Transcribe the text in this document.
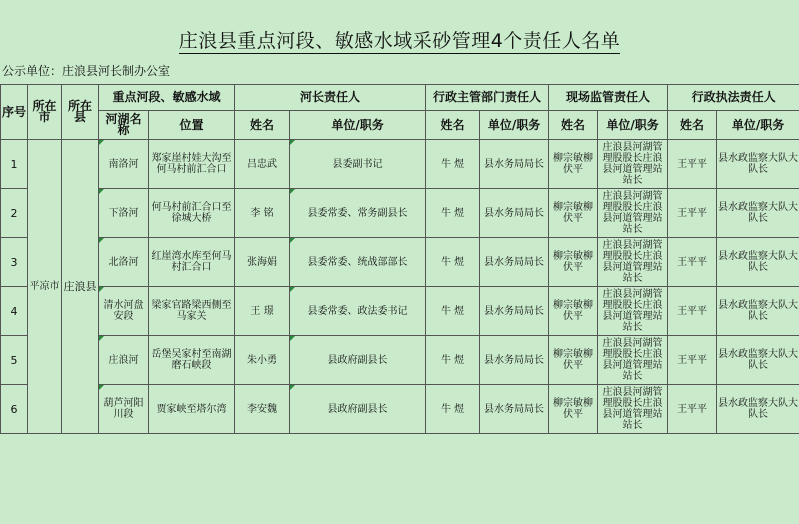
庄浪县重点河段、敏感水域采砂管理4个责任人名单
公示单位：庄浪县河长制办公室
序号	所在市	所在县	重点河段、敏感水域		河长责任人		行政主管部门责任人		现场监管责任人		行政执法责任人	
			河湖名称	位置	姓名	单位/职务	姓名	单位/职务	姓名	单位/职务	姓名	单位/职务
1	平凉市	庄浪县	南洛河	郑家崖村娃大沟至何马村前汇合口	吕忠武	县委副书记	牛 煜	县水务局局长	柳宗敏柳伏平	庄浪县河湖管理股股长庄浪县河道管理站站长	王平平	县水政监察大队大队长
2			下洛河	何马村前汇合口至徐城大桥	李 铭	县委常委、常务副县长	牛 煜	县水务局局长	柳宗敏柳伏平	庄浪县河湖管理股股长庄浪县河道管理站站长	王平平	县水政监察大队大队长
3			北洛河	红崖湾水库至何马村汇合口	张海娟	县委常委、统战部部长	牛 煜	县水务局局长	柳宗敏柳伏平	庄浪县河湖管 理股股长庄浪县河道管理站站长	王平平	县水政监察大队大队长
4			清水河盘安段	梁家官路梁西侧至马家关	王 璟	县委常委、政法委书记	牛 煜	县水务局局长	柳宗敏柳伏平	庄浪县河湖管理股股长庄浪县河道管理站站长	王平平	县水政监察大队大队长
5			庄浪河	岳堡吴家村至南湖磨石峡段	朱小勇	县政府副县长	牛 煜	县水务局局长	柳宗敏柳伏平	庄浪县河湖管理股股长庄浪县河道管理站站长	王平平	县水政监察大队大队长
6			葫芦河阳川段	贾家峡至塔尔湾	李安魏	县政府副县长	牛 煜	县水务局局长	柳宗敏柳伏平	庄浪县河湖管理股股长庄浪县河道管理站站长	王平平	县水政监察大队大队长
